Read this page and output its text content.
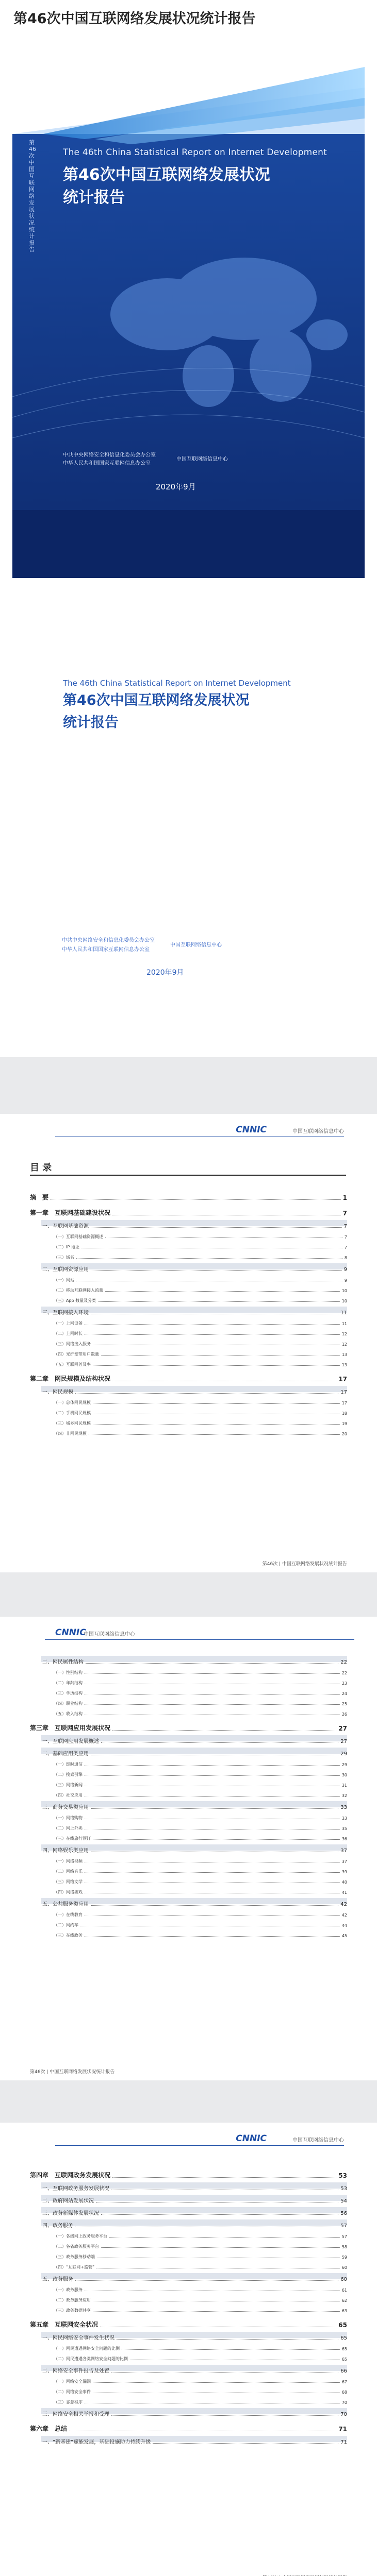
第46次中国互联网络发展状况统计报告
第46次中国互联网络发展状况统计报告
The 46th China Statistical Report on Internet Development
第46次中国互联网络发展状况
统计报告
中共中央网络安全和信息化委员会办公室
中华人民共和国国家互联网信息办公室
中国互联网络信息中心
2020年9月
The 46th China Statistical Report on Internet Development
第46次中国互联网络发展状况
统计报告
中共中央网络安全和信息化委员会办公室
中华人民共和国国家互联网信息办公室
中国互联网络信息中心
2020年9月
CNNIC	中国互联网络信息中心
目 录
第46次 | 中国互联网络发展状况统计报告
摘　要	1
第一章　互联网基础建设状况	7
一、互联网基础资源	7
（一）互联网基础资源概述	7
（二）IP 地址	7
（三）域名	8
二、互联网资源应用	9
（一）网站	9
（二）移动互联网接入流量	10
（三）App 数量及分类	10
三、互联网接入环境	11
（一）上网设备	11
（二）上网时长	12
（三）网络接入服务	12
（四）光纤宽带用户数量	13
（五）互联网普及率	13
第二章　网民规模及结构状况	17
一、网民规模	17
（一）总体网民规模	17
（二）手机网民规模	18
（三）城乡网民规模	19
（四）非网民规模	20
CNNIC
中国互联网络信息中心
第46次 | 中国互联网络发展状况统计报告
二、网民属性结构	22
（一）性别结构	22
（二）年龄结构	23
（三）学历结构	24
（四）职业结构	25
（五）收入结构	26
第三章　互联网应用发展状况	27
一、互联网应用发展概述	27
二、基础应用类应用	29
（一）即时通信	29
（二）搜索引擎	30
（三）网络新闻	31
（四）社交应用	32
三、商务交易类应用	33
（一）网络购物	33
（二）网上外卖	35
（三）在线旅行预订	36
四、网络娱乐类应用	37
（一）网络视频	37
（二）网络音乐	39
（三）网络文学	40
（四）网络游戏	41
五、公共服务类应用	42
（一）在线教育	42
（二）网约车	44
（三）在线政务	45
CNNIC	中国互联网络信息中心
第四章　互联网政务发展状况	53
一、互联网政务服务发展状况	53
二、政府网站发展状况	54
三、政务新媒体发展状况	56
四、政务服务	57
（一）各级网上政务服务平台	57
（二）各省政务服务平台	58
（三）政务服务移动端	59
（四）“互联网+监管”	60
五、政务服务	60
（一）政务服务	61
（二）政务服务应用	62
（三）政务数据共享	63
第五章　互联网安全状况	65
一、网民网络安全事件发生状况	65
（一）网民遭遇网络安全问题的比例	65
（二）网民遭遇各类网络安全问题的比例	65
二、网络安全事件报告及处置	66
（一）网络安全漏洞	67
（二）网络安全事件	68
（三）恶意程序	70
三、网络安全相关举报和受理	70
第六章　总结	71
一、“新基建”赋能发展，基础设施助力持续升级	71
